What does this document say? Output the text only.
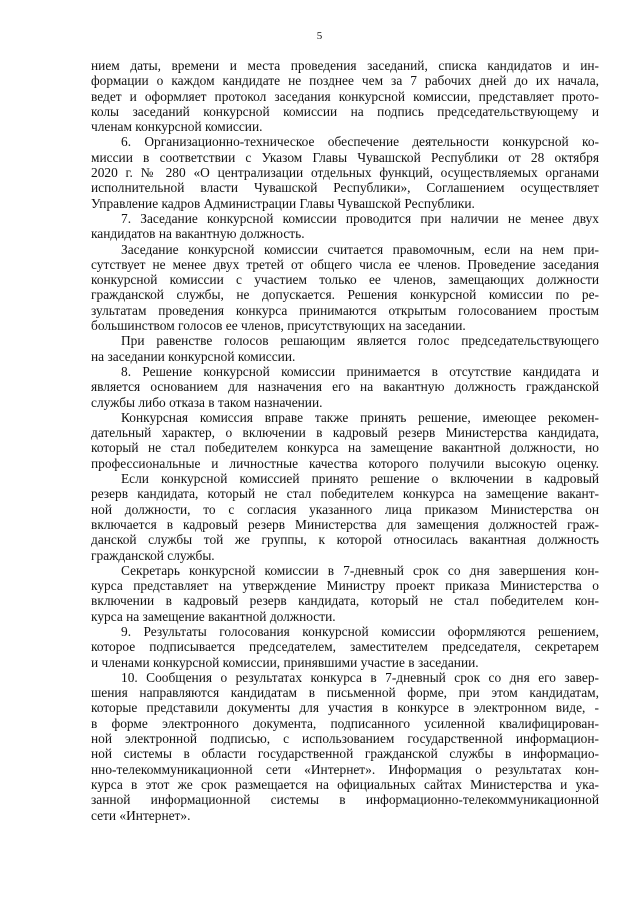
5
нием даты, времени и места проведения заседаний, списка кандидатов и ин-
формации о каждом кандидате не позднее чем за 7 рабочих дней до их начала,
ведет и оформляет протокол заседания конкурсной комиссии, представляет прото-
колы заседаний конкурсной комиссии на подпись председательствующему и
членам конкурсной комиссии.
6. Организационно-техническое обеспечение деятельности конкурсной ко-
миссии в соответствии с Указом Главы Чувашской Республики от 28 октября
2020 г. № 280 «О централизации отдельных функций, осуществляемых органами
исполнительной власти Чувашской Республики», Соглашением осуществляет
Управление кадров Администрации Главы Чувашской Республики.
7. Заседание конкурсной комиссии проводится при наличии не менее двух
кандидатов на вакантную должность.
Заседание конкурсной комиссии считается правомочным, если на нем при-
сутствует не менее двух третей от общего числа ее членов. Проведение заседания
конкурсной комиссии с участием только ее членов, замещающих должности
гражданской службы, не допускается. Решения конкурсной комиссии по ре-
зультатам проведения конкурса принимаются открытым голосованием простым
большинством голосов ее членов, присутствующих на заседании.
При равенстве голосов решающим является голос председательствующего
на заседании конкурсной комиссии.
8. Решение конкурсной комиссии принимается в отсутствие кандидата и
является основанием для назначения его на вакантную должность гражданской
службы либо отказа в таком назначении.
Конкурсная комиссия вправе также принять решение, имеющее рекомен-
дательный характер, о включении в кадровый резерв Министерства кандидата,
который не стал победителем конкурса на замещение вакантной должности, но
профессиональные и личностные качества которого получили высокую оценку.
Если конкурсной комиссией принято решение о включении в кадровый
резерв кандидата, который не стал победителем конкурса на замещение вакант-
ной должности, то с согласия указанного лица приказом Министерства он
включается в кадровый резерв Министерства для замещения должностей граж-
данской службы той же группы, к которой относилась вакантная должность
гражданской службы.
Секретарь конкурсной комиссии в 7-дневный срок со дня завершения кон-
курса представляет на утверждение Министру проект приказа Министерства о
включении в кадровый резерв кандидата, который не стал победителем кон-
курса на замещение вакантной должности.
9. Результаты голосования конкурсной комиссии оформляются решением,
которое подписывается председателем, заместителем председателя, секретарем
и членами конкурсной комиссии, принявшими участие в заседании.
10. Сообщения о результатах конкурса в 7-дневный срок со дня его завер-
шения направляются кандидатам в письменной форме, при этом кандидатам,
которые представили документы для участия в конкурсе в электронном виде, -
в форме электронного документа, подписанного усиленной квалифицирован-
ной электронной подписью, с использованием государственной информацион-
ной системы в области государственной гражданской службы в информацио-
нно-телекоммуникационной сети «Интернет». Информация о результатах кон-
курса в этот же срок размещается на официальных сайтах Министерства и ука-
занной информационной системы в информационно-телекоммуникационной
сети «Интернет».
